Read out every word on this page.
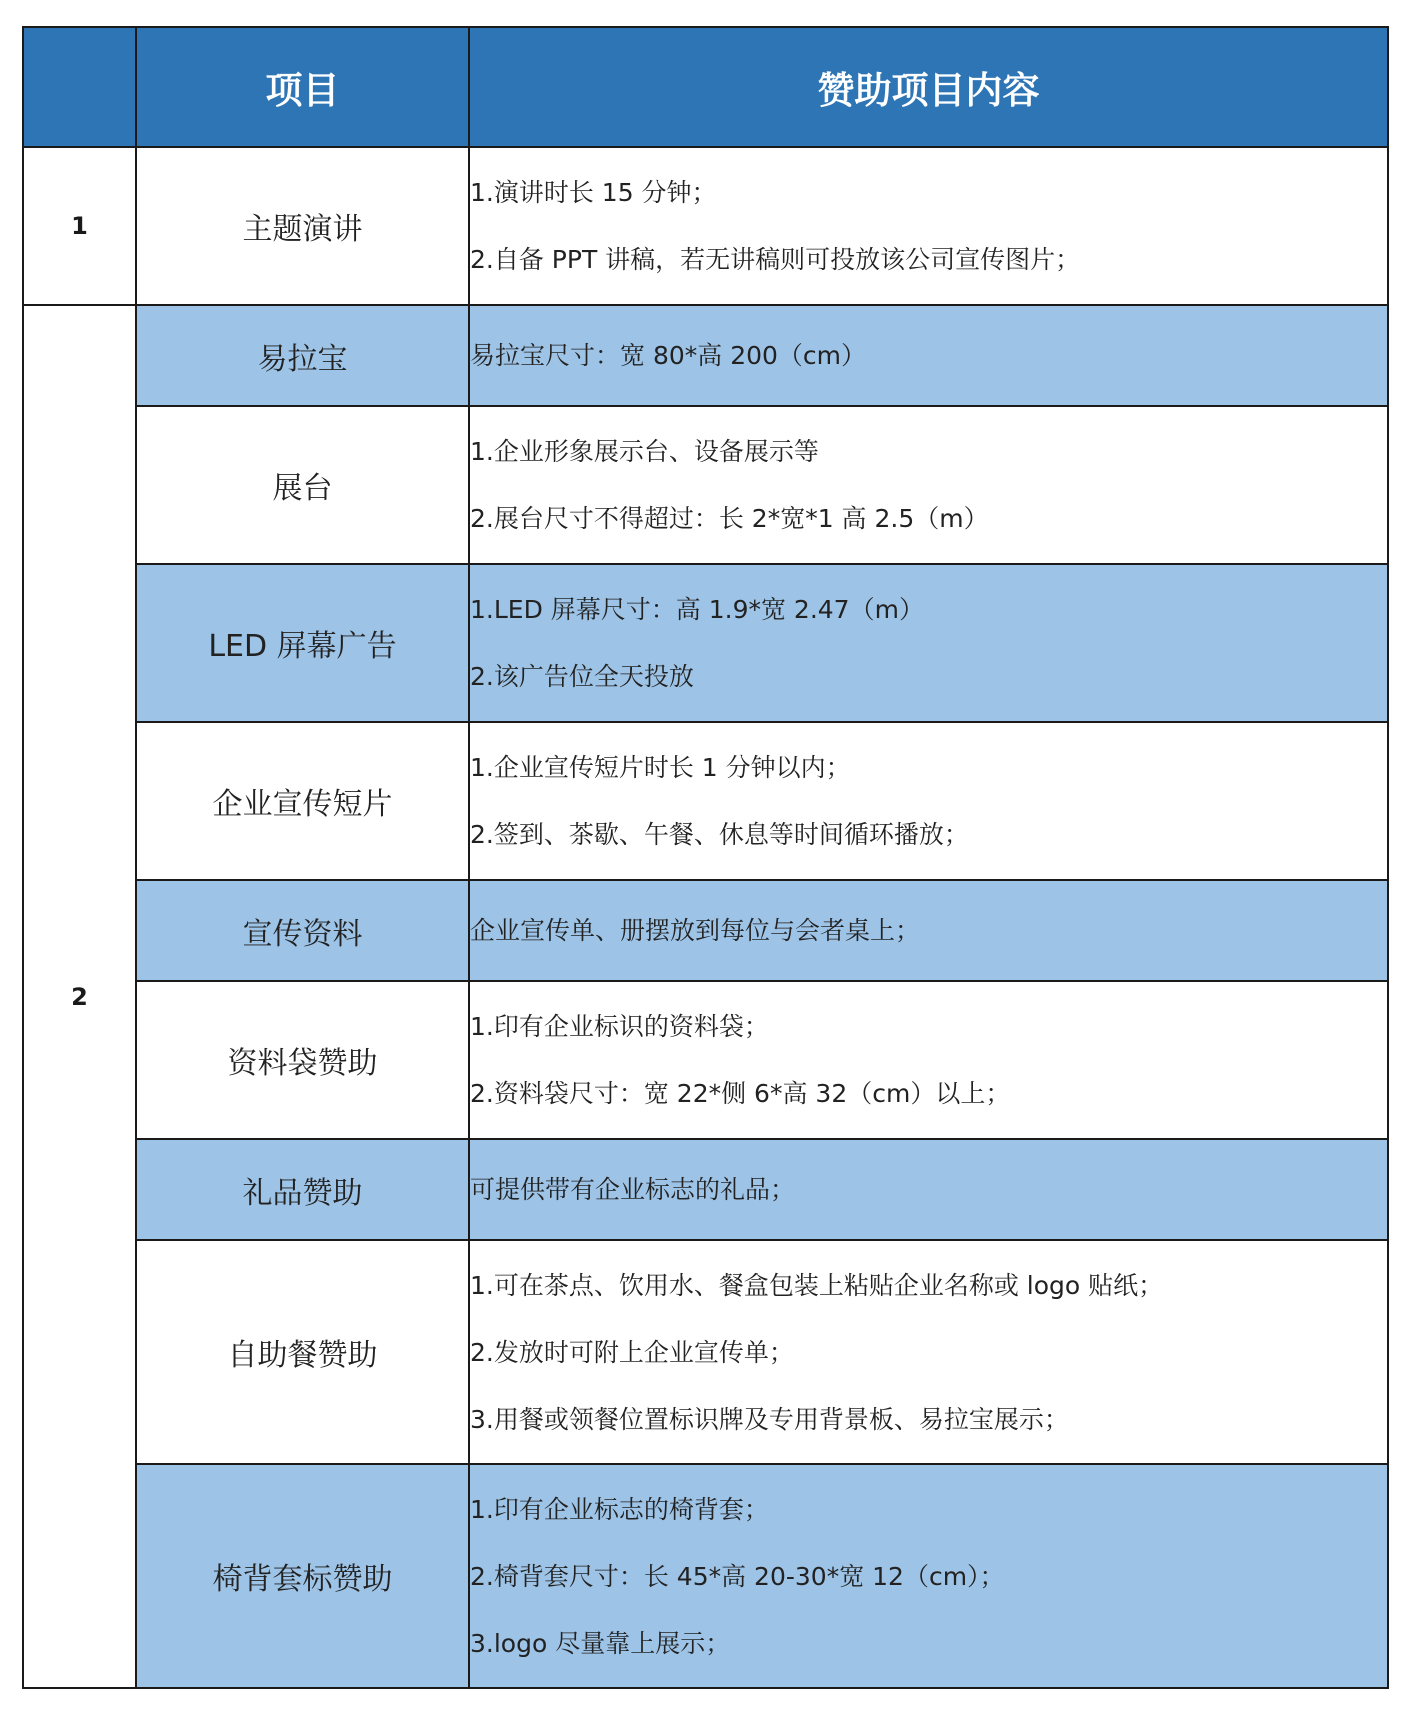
	项目	赞助项目内容
1	主题演讲	1.演讲时长 15 分钟；
2.自备 PPT 讲稿，若无讲稿则可投放该公司宣传图片；

2	易拉宝	易拉宝尺寸：宽 80*高 200（cm）

	展台	1.企业形象展示台、设备展示等
2.展台尺寸不得超过：长 2*宽*1 高 2.5（m）

	LED 屏幕广告	1.LED 屏幕尺寸：高 1.9*宽 2.47（m）
2.该广告位全天投放

	企业宣传短片	1.企业宣传短片时长 1 分钟以内；
2.签到、茶歇、午餐、休息等时间循环播放；

	宣传资料	企业宣传单、册摆放到每位与会者桌上；

	资料袋赞助	1.印有企业标识的资料袋；
2.资料袋尺寸：宽 22*侧 6*高 32（cm）以上；

	礼品赞助	可提供带有企业标志的礼品；

	自助餐赞助	1.可在茶点、饮用水、餐盒包装上粘贴企业名称或 logo 贴纸；
2.发放时可附上企业宣传单；
3.用餐或领餐位置标识牌及专用背景板、易拉宝展示；

	椅背套标赞助	1.印有企业标志的椅背套；
2.椅背套尺寸：长 45*高 20-30*宽 12（cm）；
3.logo 尽量靠上展示；
